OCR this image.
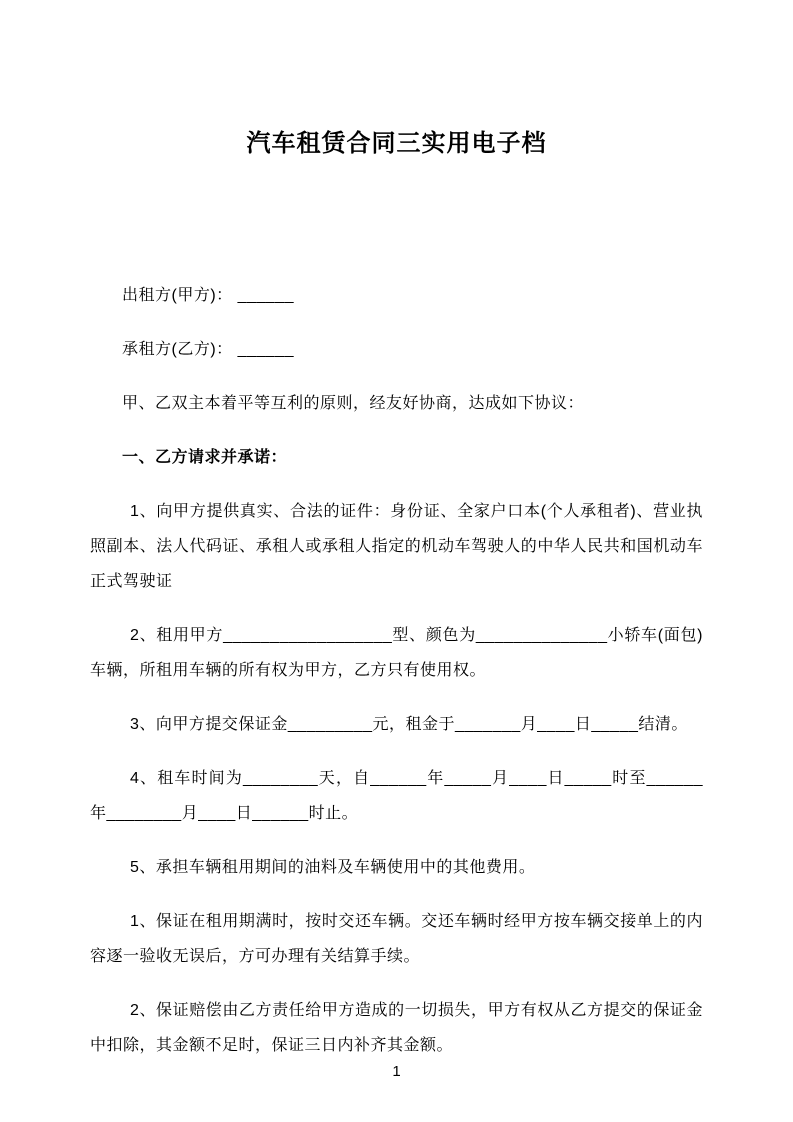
汽车租赁合同三实用电子档

出租方(甲方)： ______

承租方(乙方)： ______

甲、乙双主本着平等互利的原则，经友好协商，达成如下协议：

一、乙方请求并承诺：

1、向甲方提供真实、合法的证件：身份证、全家户口本(个人承租者)、营业执照副本、法人代码证、承租人或承租人指定的机动车驾驶人的中华人民共和国机动车正式驾驶证

2、租用甲方__________________型、颜色为______________小轿车(面包)车辆，所租用车辆的所有权为甲方，乙方只有使用权。

3、向甲方提交保证金_________元，租金于_______月____日_____结清。

4、租车时间为________天，自______年_____月____日_____时至______年________月____日______时止。

5、承担车辆租用期间的油料及车辆使用中的其他费用。

1、保证在租用期满时，按时交还车辆。交还车辆时经甲方按车辆交接单上的内容逐一验收无误后，方可办理有关结算手续。

2、保证赔偿由乙方责任给甲方造成的一切损失，甲方有权从乙方提交的保证金中扣除，其金额不足时，保证三日内补齐其金额。

1
